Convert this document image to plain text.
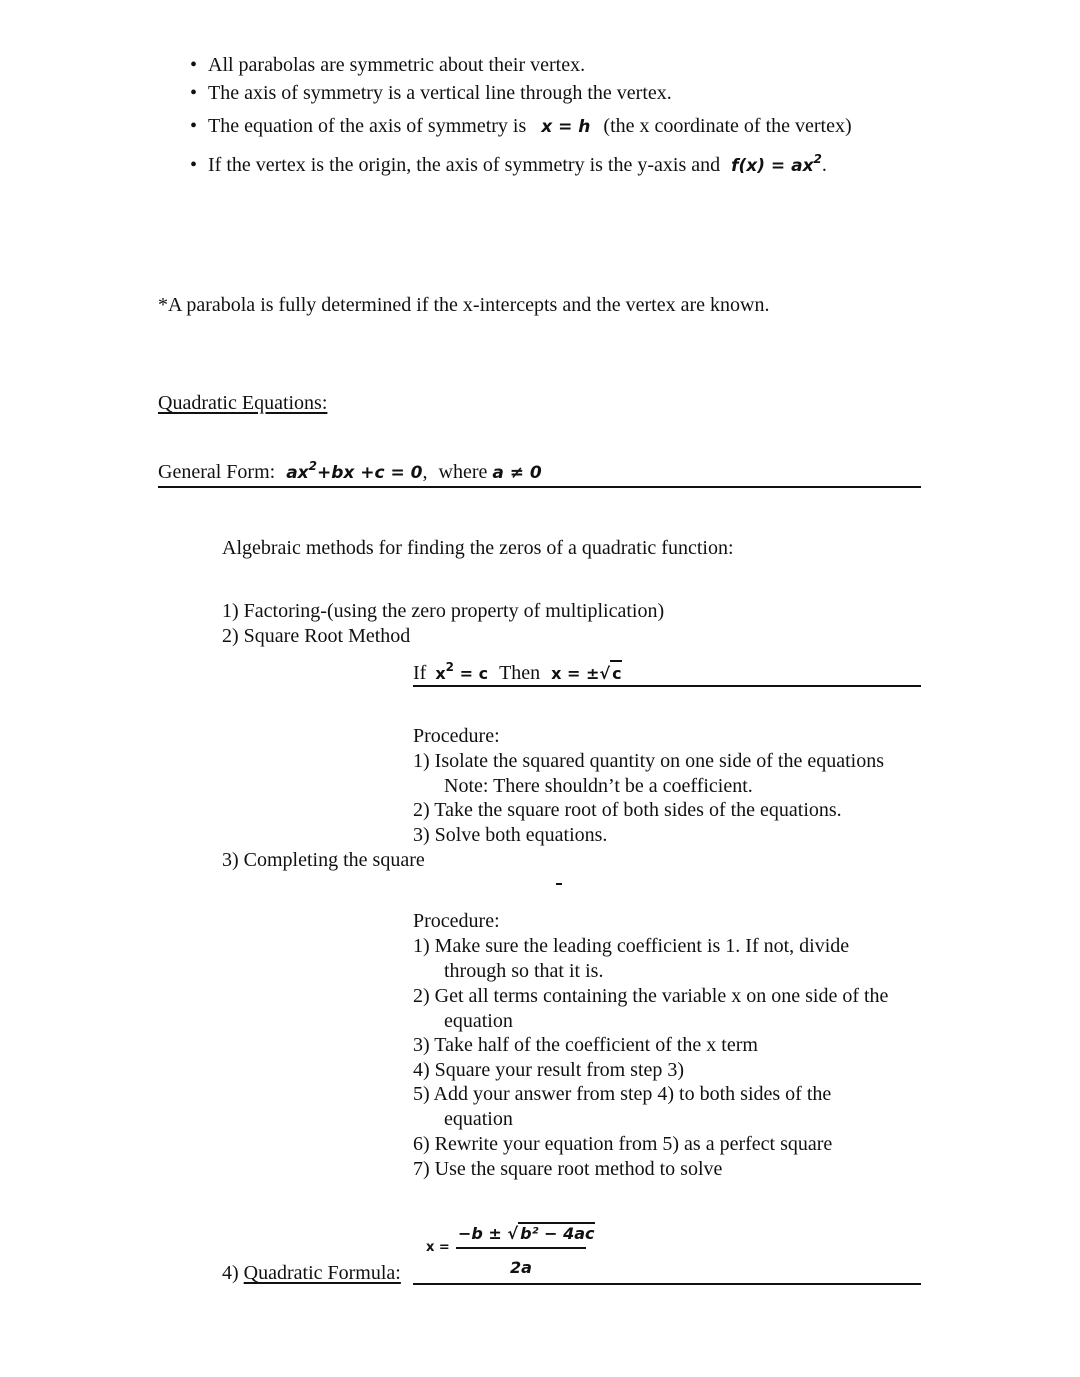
• All parabolas are symmetric about their vertex.
• The axis of symmetry is a vertical line through the vertex.
• The equation of the axis of symmetry is x = h (the x coordinate of the vertex)
• If the vertex is the origin, the axis of symmetry is the y-axis and $f(x) = ax^2$.
*A parabola is fully determined if the x-intercepts and the vertex are known.
Quadratic Equations:
General Form: $ax^2+bx +c = 0$, where a ≠ 0
Algebraic methods for finding the zeros of a quadratic function:
1) Factoring-(using the zero property of multiplication)
2) Square Root Method
If $x^2 = c$ Then x = ±√ c
Procedure:
1) Isolate the squared quantity on one side of the equations
Note: There shouldn’t be a coefficient.
2) Take the square root of both sides of the equations.
3) Solve both equations.
3) Completing the square
Procedure:
1) Make sure the leading coefficient is 1. If not, divide
through so that it is.
2) Get all terms containing the variable x on one side of the
equation
3) Take half of the coefficient of the x term
4) Square your result from step 3)
5) Add your answer from step 4) to both sides of the
equation
6) Rewrite your equation from 5) as a perfect square
7) Use the square root method to solve
4) Quadratic Formula:
x =
−b ± √ b² − 4ac
2a
